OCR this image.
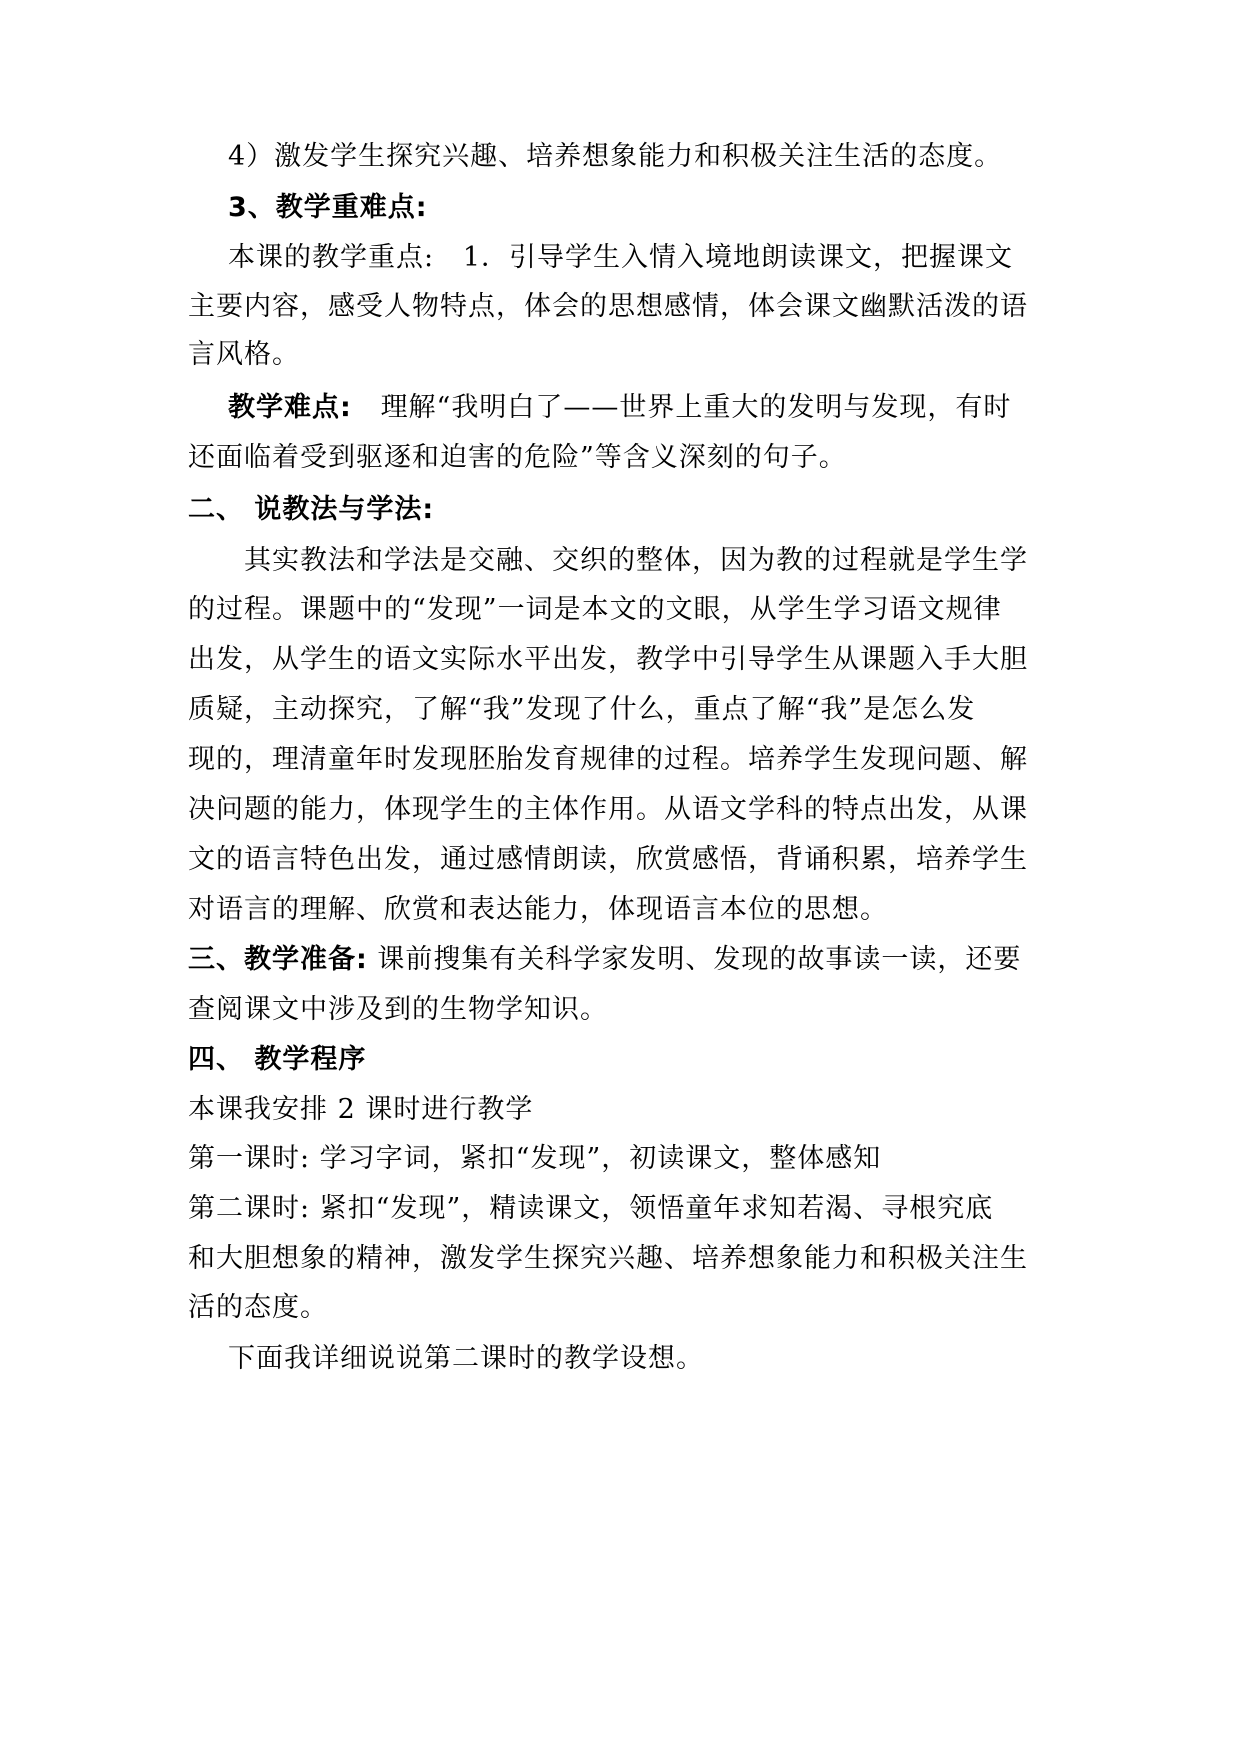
4）激发学生探究兴趣、培养想象能力和积极关注生活的态度。
3、教学重难点:
本课的教学重点: 1．引导学生入情入境地朗读课文，把握课文
主要内容，感受人物特点，体会的思想感情，体会课文幽默活泼的语
言风格。
教学难点: 理解“我明白了——世界上重大的发明与发现，有时
还面临着受到驱逐和迫害的危险”等含义深刻的句子。
二、 说教法与学法:
其实教法和学法是交融、交织的整体，因为教的过程就是学生学
的过程。课题中的“发现”一词是本文的文眼，从学生学习语文规律
出发，从学生的语文实际水平出发，教学中引导学生从课题入手大胆
质疑，主动探究，了解“我”发现了什么，重点了解“我”是怎么发
现的，理清童年时发现胚胎发育规律的过程。培养学生发现问题、解
决问题的能力，体现学生的主体作用。从语文学科的特点出发，从课
文的语言特色出发，通过感情朗读，欣赏感悟，背诵积累，培养学生
对语言的理解、欣赏和表达能力，体现语言本位的思想。
三、教学准备: 课前搜集有关科学家发明、发现的故事读一读，还要
查阅课文中涉及到的生物学知识。
四、 教学程序
本课我安排 2 课时进行教学
第一课时: 学习字词，紧扣“发现”，初读课文，整体感知
第二课时: 紧扣“发现”，精读课文，领悟童年求知若渴、寻根究底
和大胆想象的精神，激发学生探究兴趣、培养想象能力和积极关注生
活的态度。
下面我详细说说第二课时的教学设想。
